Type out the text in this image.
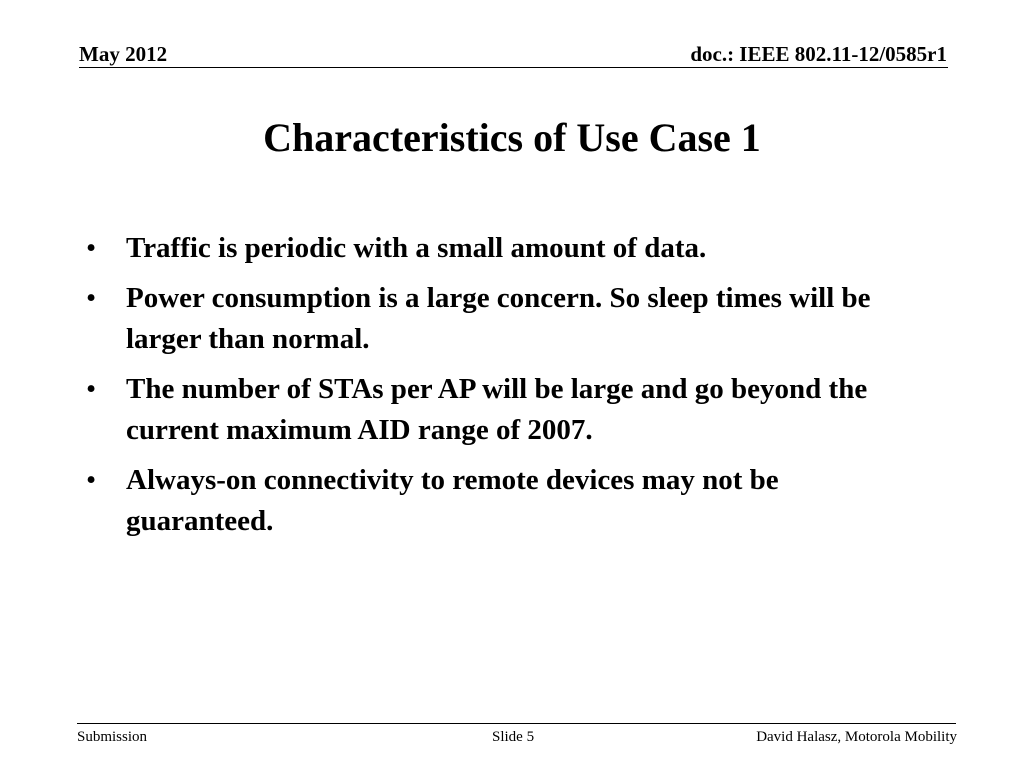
May 2012	doc.: IEEE 802.11-12/0585r1
Characteristics of Use Case 1
• Traffic is periodic with a small amount of data.
• Power consumption is a large concern. So sleep times will be larger than normal.
• The number of STAs per AP will be large and go beyond the current maximum AID range of 2007.
• Always-on connectivity to remote devices may not be guaranteed.
Submission	Slide 5	David Halasz, Motorola Mobility
